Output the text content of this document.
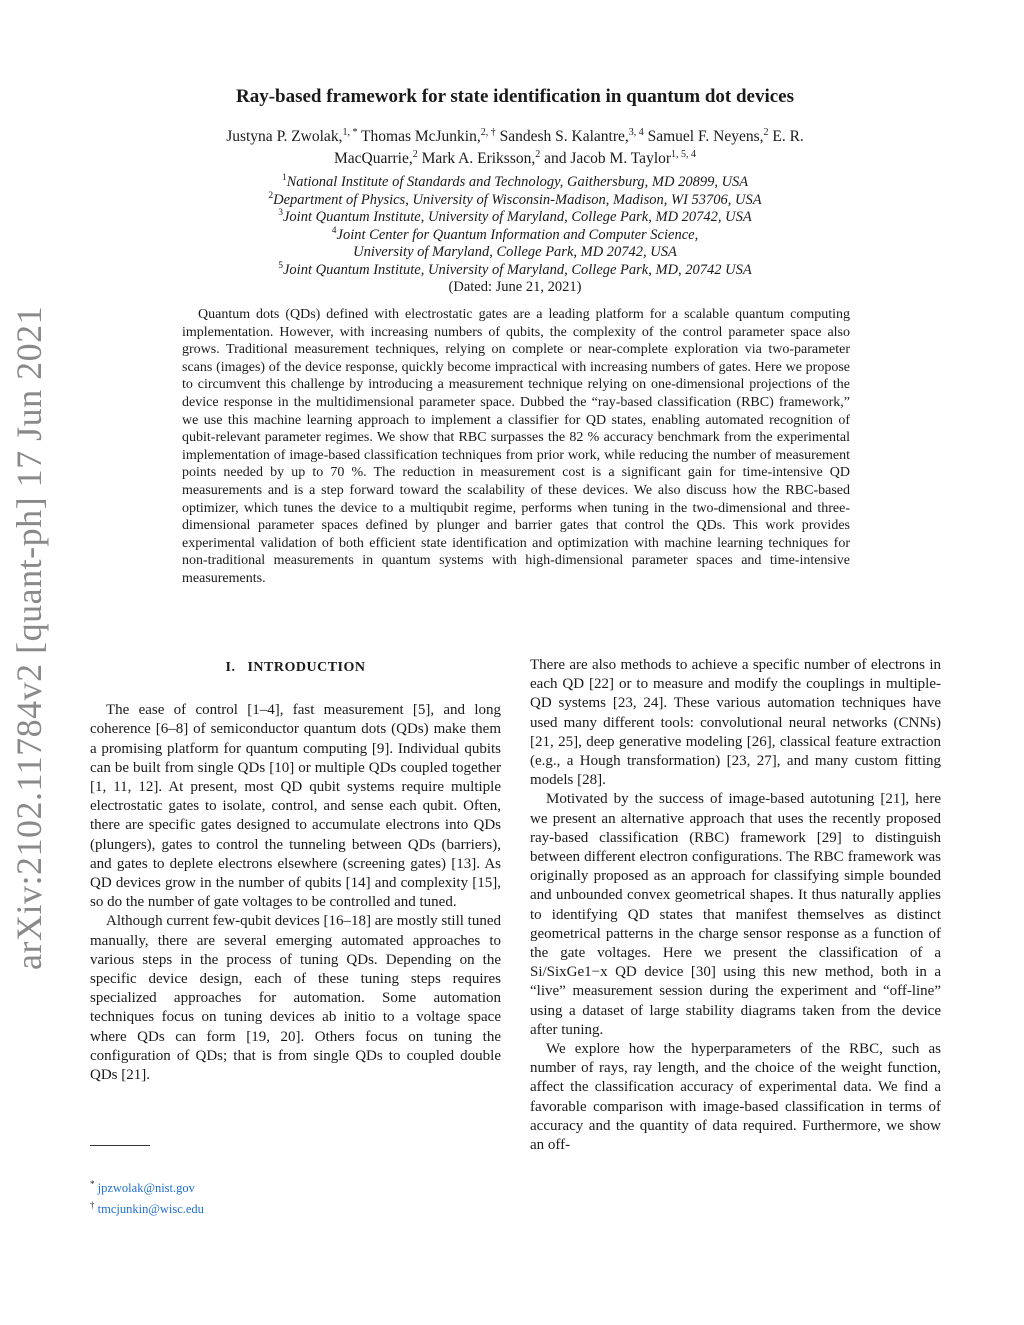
arXiv:2102.11784v2 [quant-ph] 17 Jun 2021
Ray-based framework for state identification in quantum dot devices
Justyna P. Zwolak,$^{1, *}$ Thomas McJunkin,$^{2, \dagger}$ Sandesh S. Kalantre,$^{3, 4}$ Samuel F. Neyens,$^2$ E. R. MacQuarrie,$^2$ Mark A. Eriksson,$^2$ and Jacob M. Taylor$^{1, 5, 4}$
$^1$National Institute of Standards and Technology, Gaithersburg, MD 20899, USA
$^2$Department of Physics, University of Wisconsin-Madison, Madison, WI 53706, USA
$^3$Joint Quantum Institute, University of Maryland, College Park, MD 20742, USA
$^4$Joint Center for Quantum Information and Computer Science,
University of Maryland, College Park, MD 20742, USA
$^5$Joint Quantum Institute, University of Maryland, College Park, MD, 20742 USA
(Dated: June 21, 2021)

Quantum dots (QDs) defined with electrostatic gates are a leading platform for a scalable quantum computing implementation. However, with increasing numbers of qubits, the complexity of the control parameter space also grows. Traditional measurement techniques, relying on complete or near-complete exploration via two-parameter scans (images) of the device response, quickly become impractical with increasing numbers of gates. Here we propose to circumvent this challenge by introducing a measurement technique relying on one-dimensional projections of the device response in the multidimensional parameter space. Dubbed the “ray-based classification (RBC) framework,” we use this machine learning approach to implement a classifier for QD states, enabling automated recognition of qubit-relevant parameter regimes. We show that RBC surpasses the 82 % accuracy benchmark from the experimental implementation of image-based classification techniques from prior work, while reducing the number of measurement points needed by up to 70 %. The reduction in measurement cost is a significant gain for time-intensive QD measurements and is a step forward toward the scalability of these devices. We also discuss how the RBC-based optimizer, which tunes the device to a multiqubit regime, performs when tuning in the two-dimensional and three-dimensional parameter spaces defined by plunger and barrier gates that control the QDs. This work provides experimental validation of both efficient state identification and optimization with machine learning techniques for non-traditional measurements in quantum systems with high-dimensional parameter spaces and time-intensive measurements.

I. INTRODUCTION

The ease of control [1–4], fast measurement [5], and long coherence [6–8] of semiconductor quantum dots (QDs) make them a promising platform for quantum computing [9]. Individual qubits can be built from single QDs [10] or multiple QDs coupled together [1, 11, 12]. At present, most QD qubit systems require multiple electrostatic gates to isolate, control, and sense each qubit. Often, there are specific gates designed to accumulate electrons into QDs (plungers), gates to control the tunneling between QDs (barriers), and gates to deplete electrons elsewhere (screening gates) [13]. As QD devices grow in the number of qubits [14] and complexity [15], so do the number of gate voltages to be controlled and tuned.

Although current few-qubit devices [16–18] are mostly still tuned manually, there are several emerging automated approaches to various steps in the process of tuning QDs. Depending on the specific device design, each of these tuning steps requires specialized approaches for automation. Some automation techniques focus on tuning devices ab initio to a voltage space where QDs can form [19, 20]. Others focus on tuning the configuration of QDs; that is from single QDs to coupled double QDs [21].

There are also methods to achieve a specific number of electrons in each QD [22] or to measure and modify the couplings in multiple-QD systems [23, 24]. These various automation techniques have used many different tools: convolutional neural networks (CNNs) [21, 25], deep generative modeling [26], classical feature extraction (e.g., a Hough transformation) [23, 27], and many custom fitting models [28].

Motivated by the success of image-based autotuning [21], here we present an alternative approach that uses the recently proposed ray-based classification (RBC) framework [29] to distinguish between different electron configurations. The RBC framework was originally proposed as an approach for classifying simple bounded and unbounded convex geometrical shapes. It thus naturally applies to identifying QD states that manifest themselves as distinct geometrical patterns in the charge sensor response as a function of the gate voltages. Here we present the classification of a Si/SixGe1−x QD device [30] using this new method, both in a “live” measurement session during the experiment and “off-line” using a dataset of large stability diagrams taken from the device after tuning.

We explore how the hyperparameters of the RBC, such as number of rays, ray length, and the choice of the weight function, affect the classification accuracy of experimental data. We find a favorable comparison with image-based classification in terms of accuracy and the quantity of data required. Furthermore, we show an off-

* jpzwolak@nist.gov
† tmcjunkin@wisc.edu
